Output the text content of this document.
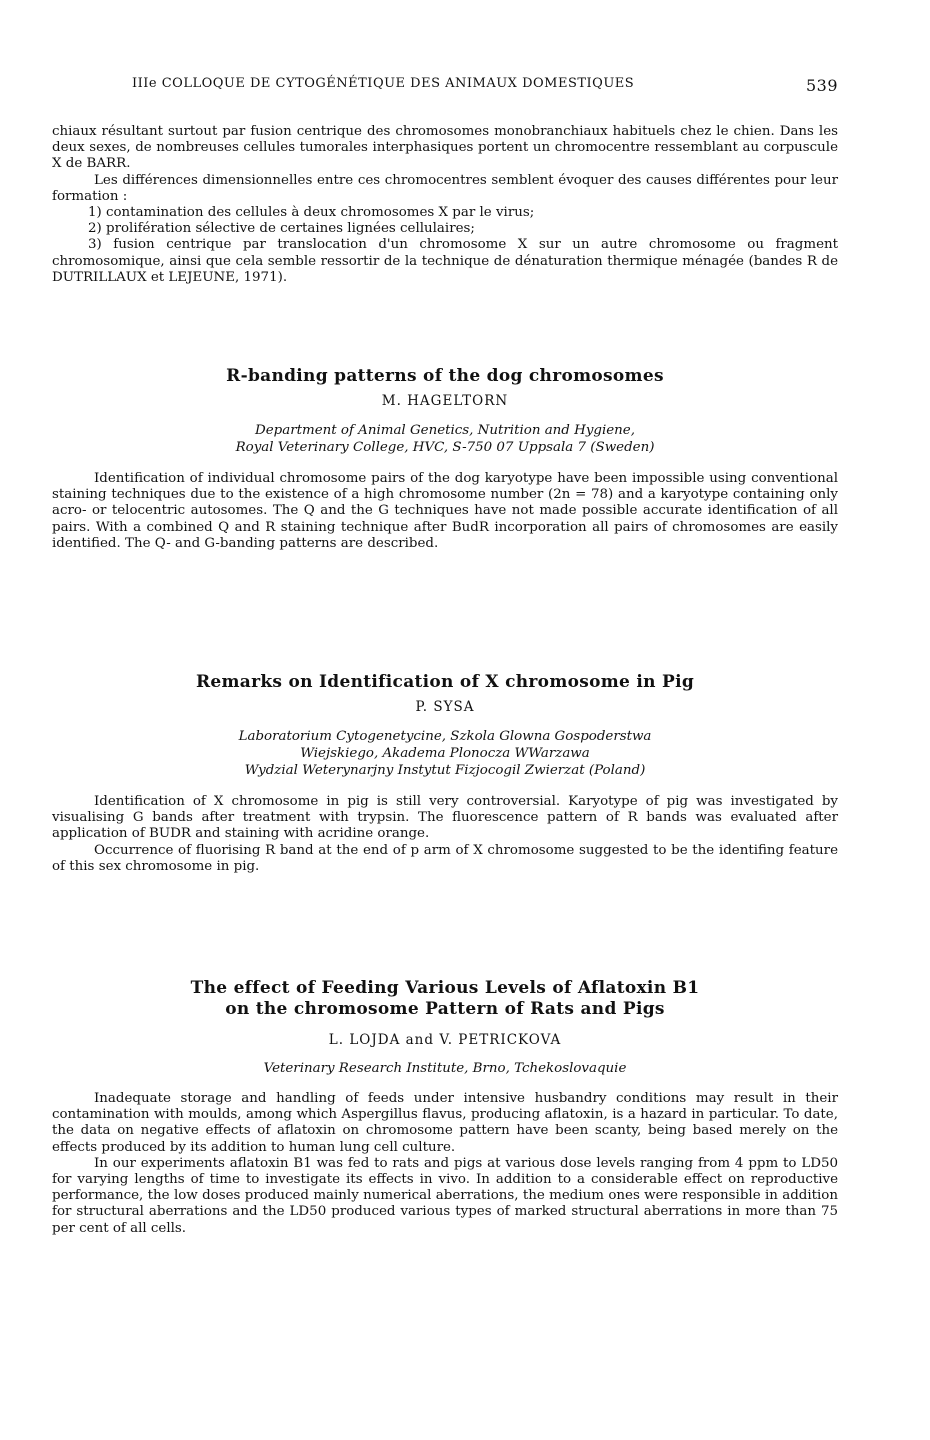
IIIe COLLOQUE DE CYTOGÉNÉTIQUE DES ANIMAUX DOMESTIQUES	539

chiaux résultant surtout par fusion centrique des chromosomes monobranchiaux habituels chez le chien. Dans les deux sexes, de nombreuses cellules tumorales interphasiques portent un chromocentre ressemblant au corpuscule X de BARR.

Les différences dimensionnelles entre ces chromocentres semblent évoquer des causes différentes pour leur formation :

1) contamination des cellules à deux chromosomes X par le virus;

2) prolifération sélective de certaines lignées cellulaires;

3) fusion centrique par translocation d'un chromosome X sur un autre chromosome ou fragment chromosomique, ainsi que cela semble ressortir de la technique de dénaturation thermique ménagée (bandes R de DUTRILLAUX et LEJEUNE, 1971).

R-banding patterns of the dog chromosomes
M. HAGELTORN
Department of Animal Genetics, Nutrition and Hygiene,
Royal Veterinary College, HVC, S-750 07 Uppsala 7 (Sweden)

Identification of individual chromosome pairs of the dog karyotype have been impossible using conventional staining techniques due to the existence of a high chromosome number (2n = 78) and a karyotype containing only acro- or telocentric autosomes. The Q and the G techniques have not made possible accurate identification of all pairs. With a combined Q and R staining technique after BudR incorporation all pairs of chromosomes are easily identified. The Q- and G-banding patterns are described.

Remarks on Identification of X chromosome in Pig
P. SYSA
Laboratorium Cytogenetycine, Szkola Glowna Gospoderstwa
Wiejskiego, Akadema Plonocza WWarzawa
Wydzial Weterynarjny Instytut Fizjocogil Zwierzat (Poland)

Identification of X chromosome in pig is still very controversial. Karyotype of pig was investigated by visualising G bands after treatment with trypsin. The fluorescence pattern of R bands was evaluated after application of BUDR and staining with acridine orange.

Occurrence of fluorising R band at the end of p arm of X chromosome suggested to be the identifing feature of this sex chromosome in pig.

The effect of Feeding Various Levels of Aflatoxin B1
on the chromosome Pattern of Rats and Pigs
L. LOJDA and V. PETRICKOVA
Veterinary Research Institute, Brno, Tchekoslovaquie

Inadequate storage and handling of feeds under intensive husbandry conditions may result in their contamination with moulds, among which Aspergillus flavus, producing aflatoxin, is a hazard in particular. To date, the data on negative effects of aflatoxin on chromosome pattern have been scanty, being based merely on the effects produced by its addition to human lung cell culture.

In our experiments aflatoxin B1 was fed to rats and pigs at various dose levels ranging from 4 ppm to LD50 for varying lengths of time to investigate its effects in vivo. In addition to a considerable effect on reproductive performance, the low doses produced mainly numerical aberrations, the medium ones were responsible in addition for structural aberrations and the LD50 produced various types of marked structural aberrations in more than 75 per cent of all cells.
